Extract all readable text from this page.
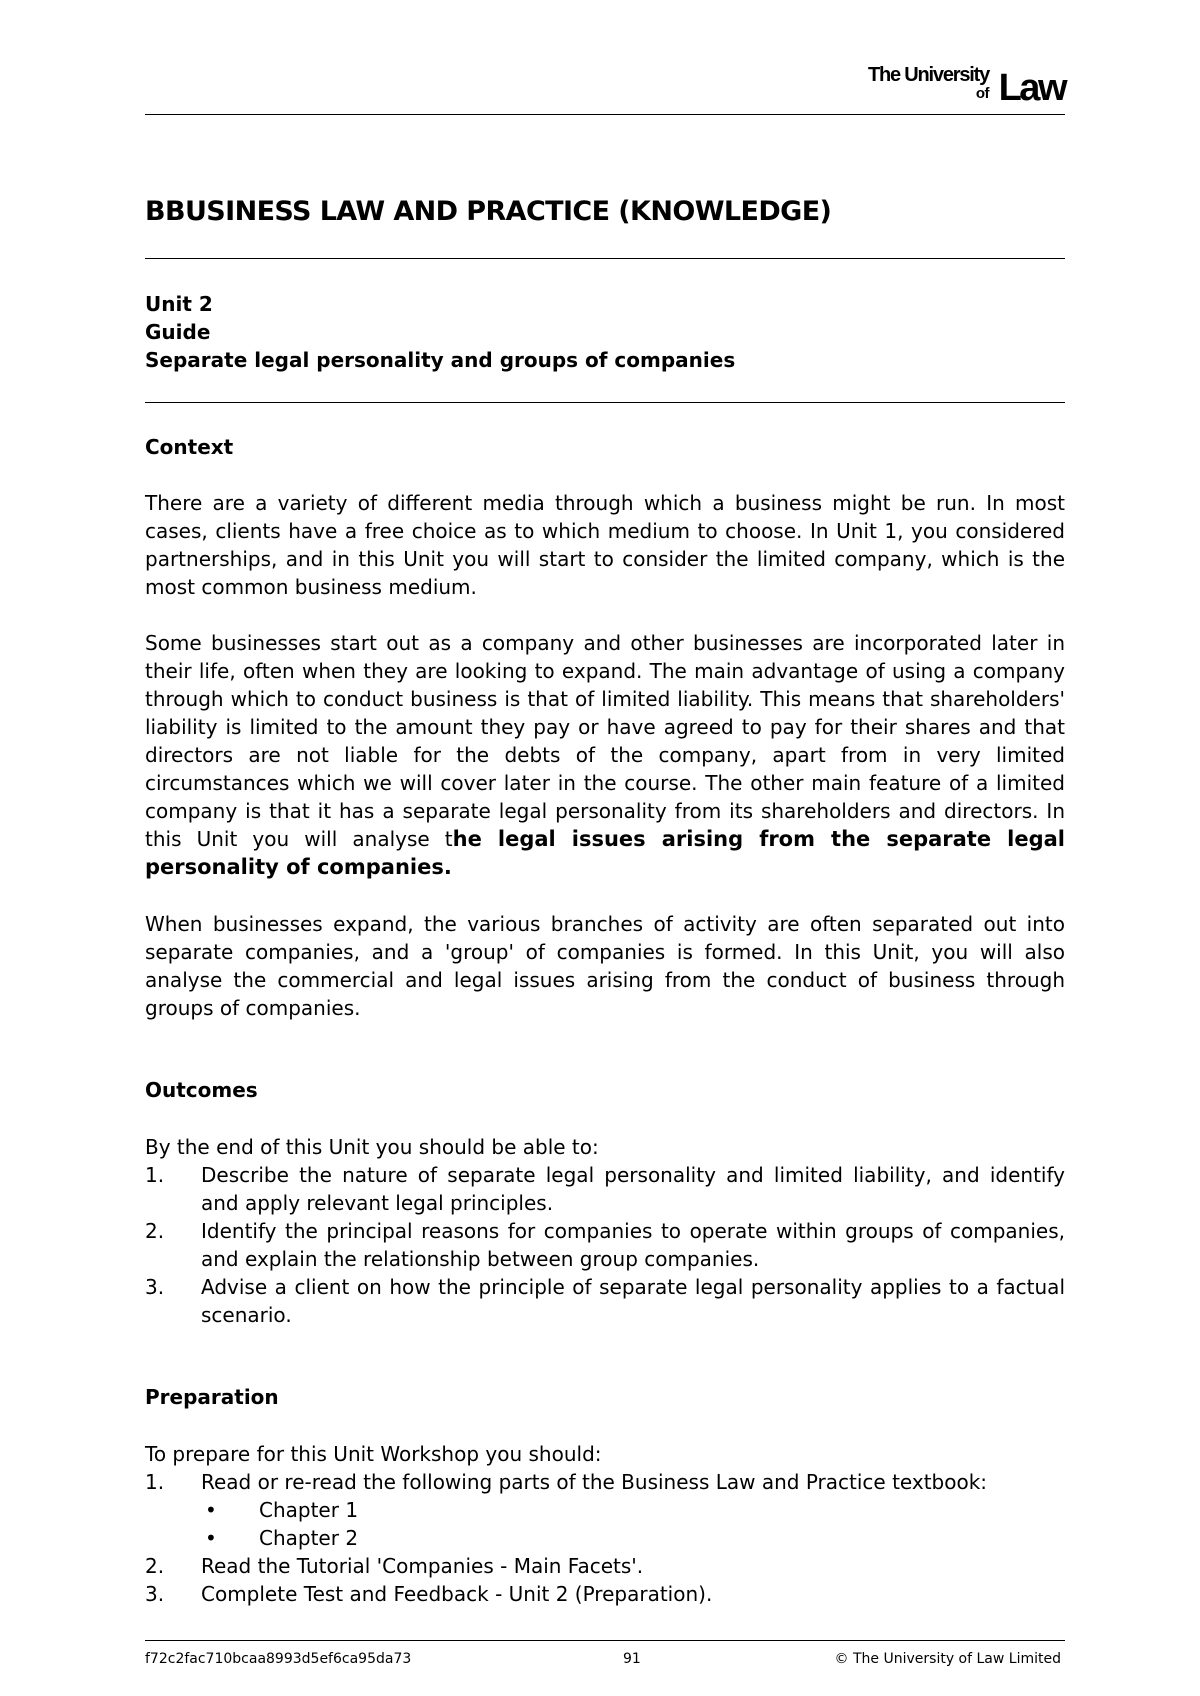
The University
of Law
BBUSINESS LAW AND PRACTICE (KNOWLEDGE)
Unit 2
Guide
Separate legal personality and groups of companies
Context
There are a variety of different media through which a business might be run. In most cases, clients have a free choice as to which medium to choose. In Unit 1, you considered partnerships, and in this Unit you will start to consider the limited company, which is the most common business medium.
Some businesses start out as a company and other businesses are incorporated later in their life, often when they are looking to expand. The main advantage of using a company through which to conduct business is that of limited liability. This means that shareholders' liability is limited to the amount they pay or have agreed to pay for their shares and that directors are not liable for the debts of the company, apart from in very limited circumstances which we will cover later in the course. The other main feature of a limited company is that it has a separate legal personality from its shareholders and directors. In this Unit you will analyse the legal issues arising from the separate legal personality of companies.
When businesses expand, the various branches of activity are often separated out into separate companies, and a 'group' of companies is formed. In this Unit, you will also analyse the commercial and legal issues arising from the conduct of business through groups of companies.
Outcomes
By the end of this Unit you should be able to:
1. Describe the nature of separate legal personality and limited liability, and identify and apply relevant legal principles.
2. Identify the principal reasons for companies to operate within groups of companies, and explain the relationship between group companies.
3. Advise a client on how the principle of separate legal personality applies to a factual scenario.
Preparation
To prepare for this Unit Workshop you should:
1. Read or re-read the following parts of the Business Law and Practice textbook:
• Chapter 1
• Chapter 2
2. Read the Tutorial 'Companies - Main Facets'.
3. Complete Test and Feedback - Unit 2 (Preparation).
f72c2fac710bcaa8993d5ef6ca95da73	91	© The University of Law Limited
